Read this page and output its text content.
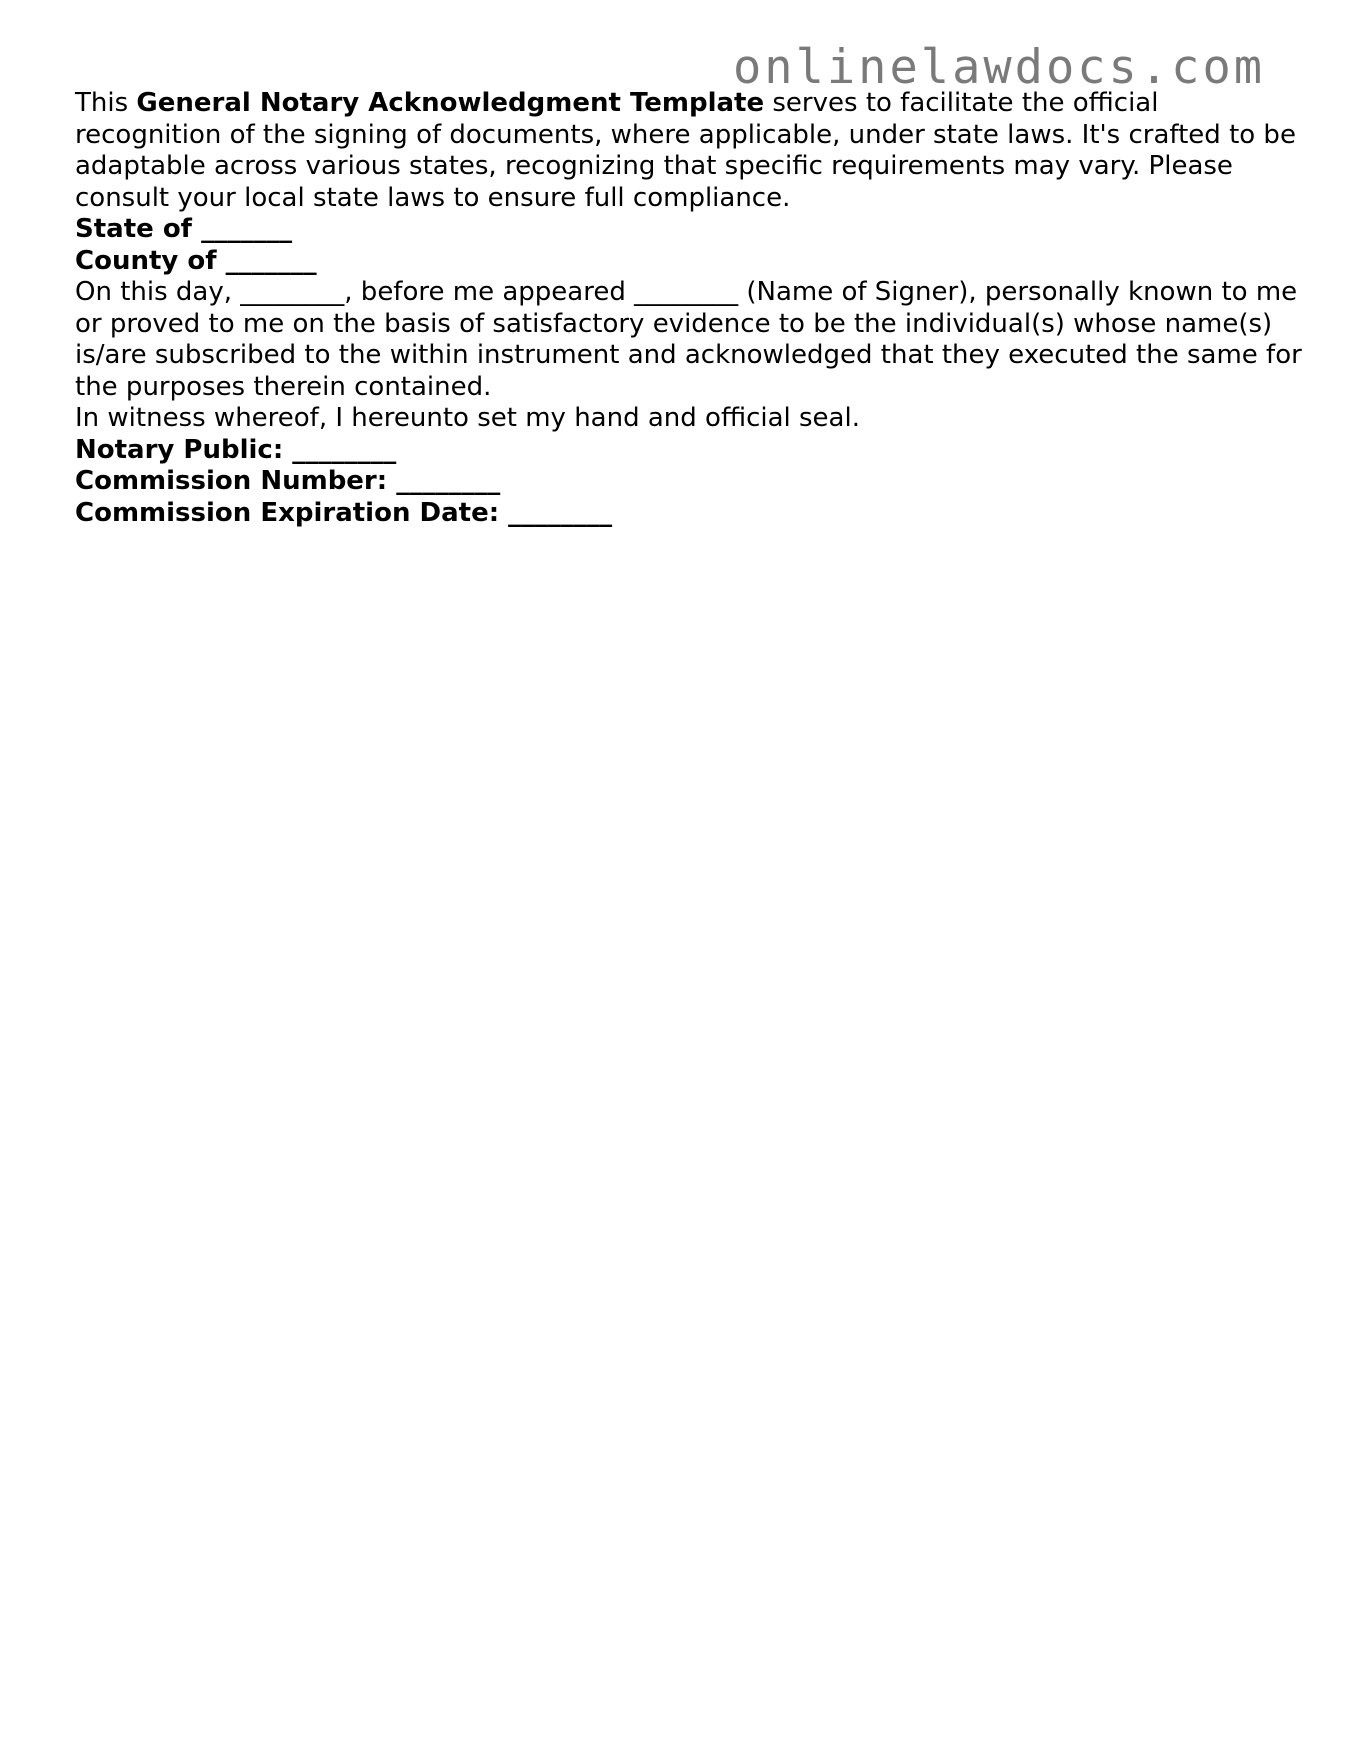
onlinelawdocs.com

This General Notary Acknowledgment Template serves to facilitate the official recognition of the signing of documents, where applicable, under state laws. It's crafted to be adaptable across various states, recognizing that specific requirements may vary. Please consult your local state laws to ensure full compliance.

State of _______

County of _______

On this day, ________, before me appeared ________ (Name of Signer), personally known to me or proved to me on the basis of satisfactory evidence to be the individual(s) whose name(s) is/are subscribed to the within instrument and acknowledged that they executed the same for the purposes therein contained.

In witness whereof, I hereunto set my hand and official seal.

Notary Public: ________

Commission Number: ________

Commission Expiration Date: ________
